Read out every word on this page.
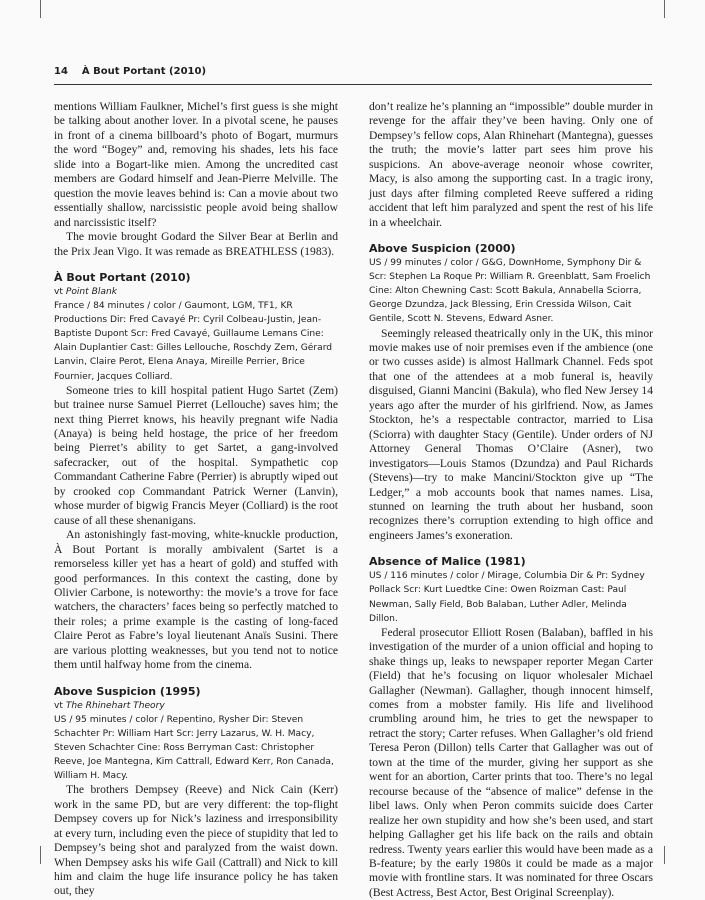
14 À Bout Portant (2010)

mentions William Faulkner, Michel’s first guess is she might be talking about another lover. In a pivotal scene, he pauses in front of a cinema billboard’s photo of Bogart, murmurs the word “Bogey” and, removing his shades, lets his face slide into a Bogart-like mien. Among the uncredited cast members are Godard himself and Jean-Pierre Melville. The question the movie leaves behind is: Can a movie about two essentially shallow, narcissistic people avoid being shallow and narcissistic itself?

The movie brought Godard the Silver Bear at Berlin and the Prix Jean Vigo. It was remade as BREATHLESS (1983).

À Bout Portant (2010)
vt Point Blank
France / 84 minutes / color / Gaumont, LGM, TF1, KR Productions Dir: Fred Cavayé Pr: Cyril Colbeau-Justin, Jean-Baptiste Dupont Scr: Fred Cavayé, Guillaume Lemans Cine: Alain Duplantier Cast: Gilles Lellouche, Roschdy Zem, Gérard Lanvin, Claire Perot, Elena Anaya, Mireille Perrier, Brice Fournier, Jacques Colliard.

Someone tries to kill hospital patient Hugo Sartet (Zem) but trainee nurse Samuel Pierret (Lellouche) saves him; the next thing Pierret knows, his heavily pregnant wife Nadia (Anaya) is being held hostage, the price of her freedom being Pierret’s ability to get Sartet, a gang-involved safecracker, out of the hospital. Sympathetic cop Commandant Catherine Fabre (Perrier) is abruptly wiped out by crooked cop Commandant Patrick Werner (Lanvin), whose murder of bigwig Francis Meyer (Colliard) is the root cause of all these shenanigans.

An astonishingly fast-moving, white-knuckle production, À Bout Portant is morally ambivalent (Sartet is a remorseless killer yet has a heart of gold) and stuffed with good performances. In this context the casting, done by Olivier Carbone, is noteworthy: the movie’s a trove for face watchers, the characters’ faces being so perfectly matched to their roles; a prime example is the casting of long-faced Claire Perot as Fabre’s loyal lieutenant Anaïs Susini. There are various plotting weaknesses, but you tend not to notice them until halfway home from the cinema.

Above Suspicion (1995)
vt The Rhinehart Theory
US / 95 minutes / color / Repentino, Rysher Dir: Steven Schachter Pr: William Hart Scr: Jerry Lazarus, W. H. Macy, Steven Schachter Cine: Ross Berryman Cast: Christopher Reeve, Joe Mantegna, Kim Cattrall, Edward Kerr, Ron Canada, William H. Macy.

The brothers Dempsey (Reeve) and Nick Cain (Kerr) work in the same PD, but are very different: the top-flight Dempsey covers up for Nick’s laziness and irresponsibility at every turn, including even the piece of stupidity that led to Dempsey’s being shot and paralyzed from the waist down. When Dempsey asks his wife Gail (Cattrall) and Nick to kill him and claim the huge life insurance policy he has taken out, they

don’t realize he’s planning an “impossible” double murder in revenge for the affair they’ve been having. Only one of Dempsey’s fellow cops, Alan Rhinehart (Mantegna), guesses the truth; the movie’s latter part sees him prove his suspicions. An above-average neonoir whose cowriter, Macy, is also among the supporting cast. In a tragic irony, just days after filming completed Reeve suffered a riding accident that left him paralyzed and spent the rest of his life in a wheelchair.

Above Suspicion (2000)
US / 99 minutes / color / G&G, DownHome, Symphony Dir & Scr: Stephen La Roque Pr: William R. Greenblatt, Sam Froelich Cine: Alton Chewning Cast: Scott Bakula, Annabella Sciorra, George Dzundza, Jack Blessing, Erin Cressida Wilson, Cait Gentile, Scott N. Stevens, Edward Asner.

Seemingly released theatrically only in the UK, this minor movie makes use of noir premises even if the ambience (one or two cusses aside) is almost Hallmark Channel. Feds spot that one of the attendees at a mob funeral is, heavily disguised, Gianni Mancini (Bakula), who fled New Jersey 14 years ago after the murder of his girlfriend. Now, as James Stockton, he’s a respectable contractor, married to Lisa (Sciorra) with daughter Stacy (Gentile). Under orders of NJ Attorney General Thomas O’Claire (Asner), two investigators—Louis Stamos (Dzundza) and Paul Richards (Stevens)—try to make Mancini/Stockton give up “The Ledger,” a mob accounts book that names names. Lisa, stunned on learning the truth about her husband, soon recognizes there’s corruption extending to high office and engineers James’s exoneration.

Absence of Malice (1981)
US / 116 minutes / color / Mirage, Columbia Dir & Pr: Sydney Pollack Scr: Kurt Luedtke Cine: Owen Roizman Cast: Paul Newman, Sally Field, Bob Balaban, Luther Adler, Melinda Dillon.

Federal prosecutor Elliott Rosen (Balaban), baffled in his investigation of the murder of a union official and hoping to shake things up, leaks to newspaper reporter Megan Carter (Field) that he’s focusing on liquor wholesaler Michael Gallagher (Newman). Gallagher, though innocent himself, comes from a mobster family. His life and livelihood crumbling around him, he tries to get the newspaper to retract the story; Carter refuses. When Gallagher’s old friend Teresa Peron (Dillon) tells Carter that Gallagher was out of town at the time of the murder, giving her support as she went for an abortion, Carter prints that too. There’s no legal recourse because of the “absence of malice” defense in the libel laws. Only when Peron commits suicide does Carter realize her own stupidity and how she’s been used, and start helping Gallagher get his life back on the rails and obtain redress. Twenty years earlier this would have been made as a B-feature; by the early 1980s it could be made as a major movie with frontline stars. It was nominated for three Oscars (Best Actress, Best Actor, Best Original Screenplay).
